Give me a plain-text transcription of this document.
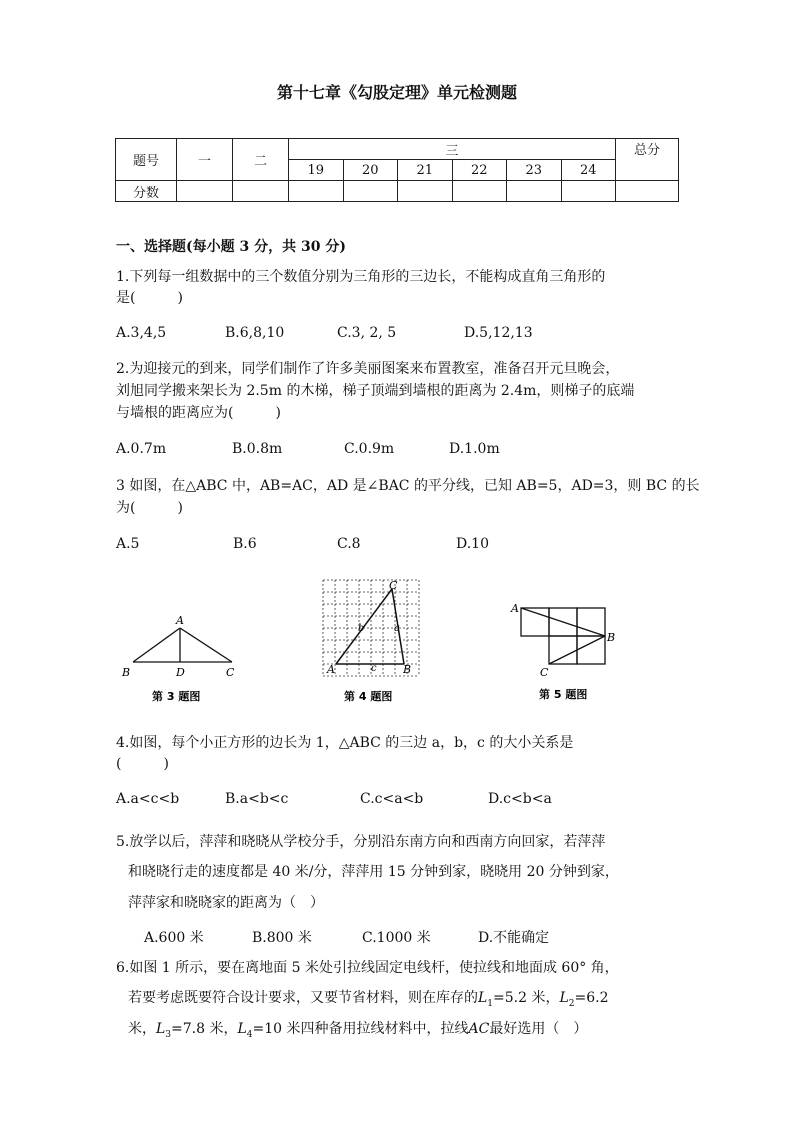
第十七章《勾股定理》单元检测题
题号	一	二	三						总分
			19	20	21	22	23	24	
分数									
一、选择题(每小题 3 分，共 30 分)
1.下列每一组数据中的三个数值分别为三角形的三边长，不能构成直角三角形的
是(　　　)
A.3,4,5	B.6,8,10	C.3, 2, 5	D.5,12,13
2.为迎接元的到来，同学们制作了许多美丽图案来布置教室，准备召开元旦晚会，
刘旭同学搬来架长为 2.5m 的木梯，梯子顶端到墙根的距离为 2.4m，则梯子的底端
与墙根的距离应为(　　　)
A.0.7m	B.0.8m	C.0.9m	D.1.0m
3 如图，在△ABC 中，AB=AC，AD 是∠BAC 的平分线，已知 AB=5，AD=3，则 BC 的长
为(　　　)
A.5	B.6	C.8	D.10
A
B	D	C
第 3 题图
C
A	B
b	a
c
第 4 题图
A
B
C
第 5 题图
4.如图，每个小正方形的边长为 1，△ABC 的三边 a，b，c 的大小关系是
(　　　)
A.a<c<b	B.a<b<c	C.c<a<b	D.c<b<a
5.放学以后，萍萍和晓晓从学校分手，分别沿东南方向和西南方向回家，若萍萍
和晓晓行走的速度都是 40 米/分，萍萍用 15 分钟到家，晓晓用 20 分钟到家，
萍萍家和晓晓家的距离为（　）
A.600 米	B.800 米	C.1000 米	D.不能确定
6.如图 1 所示，要在离地面 5 米处引拉线固定电线杆，使拉线和地面成 60° 角，
若要考虑既要符合设计要求，又要节省材料，则在库存的$L_1=5.2$ 米，$L_2=6.2$
米，$L_3=7.8$ 米，$L_4=10$ 米四种备用拉线材料中，拉线AC最好选用（　）
